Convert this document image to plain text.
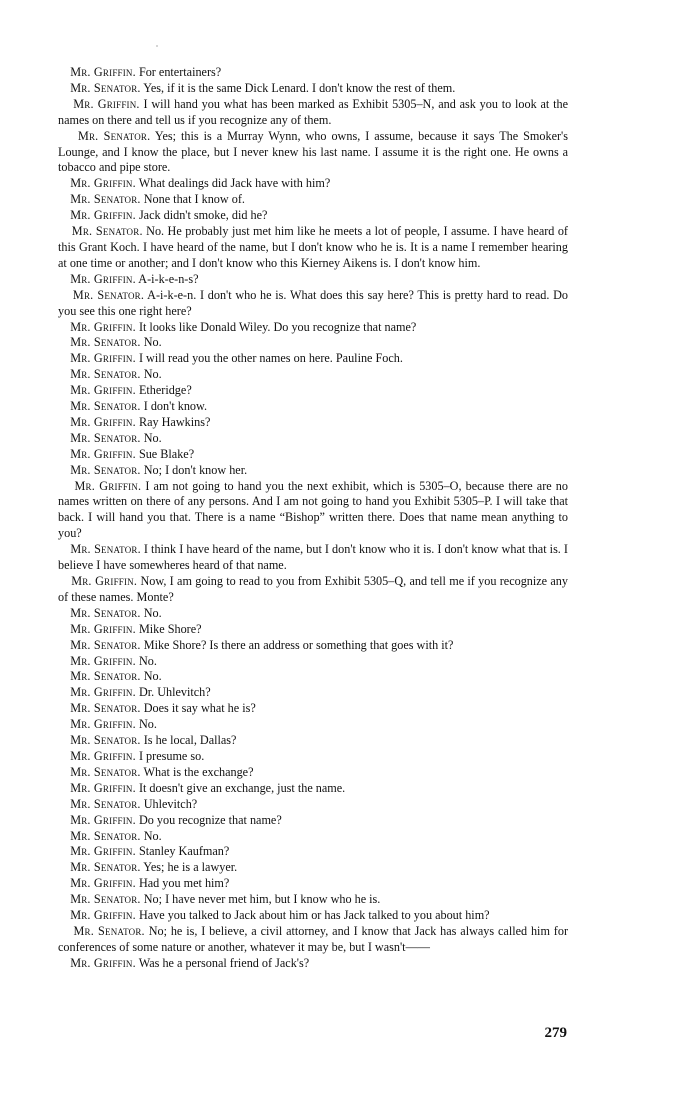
Mr. Griffin. For entertainers?

Mr. Senator. Yes, if it is the same Dick Lenard. I don't know the rest of them.

Mr. Griffin. I will hand you what has been marked as Exhibit 5305–N, and ask you to look at the names on there and tell us if you recognize any of them.

Mr. Senator. Yes; this is a Murray Wynn, who owns, I assume, because it says The Smoker's Lounge, and I know the place, but I never knew his last name. I assume it is the right one. He owns a tobacco and pipe store.

Mr. Griffin. What dealings did Jack have with him?

Mr. Senator. None that I know of.

Mr. Griffin. Jack didn't smoke, did he?

Mr. Senator. No. He probably just met him like he meets a lot of people, I assume. I have heard of this Grant Koch. I have heard of the name, but I don't know who he is. It is a name I remember hearing at one time or another; and I don't know who this Kierney Aikens is. I don't know him.

Mr. Griffin. A-i-k-e-n-s?

Mr. Senator. A-i-k-e-n. I don't who he is. What does this say here? This is pretty hard to read. Do you see this one right here?

Mr. Griffin. It looks like Donald Wiley. Do you recognize that name?

Mr. Senator. No.

Mr. Griffin. I will read you the other names on here. Pauline Foch.

Mr. Senator. No.

Mr. Griffin. Etheridge?

Mr. Senator. I don't know.

Mr. Griffin. Ray Hawkins?

Mr. Senator. No.

Mr. Griffin. Sue Blake?

Mr. Senator. No; I don't know her.

Mr. Griffin. I am not going to hand you the next exhibit, which is 5305–O, because there are no names written on there of any persons. And I am not going to hand you Exhibit 5305–P. I will take that back. I will hand you that. There is a name “Bishop” written there. Does that name mean anything to you?

Mr. Senator. I think I have heard of the name, but I don't know who it is. I don't know what that is. I believe I have somewheres heard of that name.

Mr. Griffin. Now, I am going to read to you from Exhibit 5305–Q, and tell me if you recognize any of these names. Monte?

Mr. Senator. No.

Mr. Griffin. Mike Shore?

Mr. Senator. Mike Shore? Is there an address or something that goes with it?

Mr. Griffin. No.

Mr. Senator. No.

Mr. Griffin. Dr. Uhlevitch?

Mr. Senator. Does it say what he is?

Mr. Griffin. No.

Mr. Senator. Is he local, Dallas?

Mr. Griffin. I presume so.

Mr. Senator. What is the exchange?

Mr. Griffin. It doesn't give an exchange, just the name.

Mr. Senator. Uhlevitch?

Mr. Griffin. Do you recognize that name?

Mr. Senator. No.

Mr. Griffin. Stanley Kaufman?

Mr. Senator. Yes; he is a lawyer.

Mr. Griffin. Had you met him?

Mr. Senator. No; I have never met him, but I know who he is.

Mr. Griffin. Have you talked to Jack about him or has Jack talked to you about him?

Mr. Senator. No; he is, I believe, a civil attorney, and I know that Jack has always called him for conferences of some nature or another, whatever it may be, but I wasn't——

Mr. Griffin. Was he a personal friend of Jack's?

279
